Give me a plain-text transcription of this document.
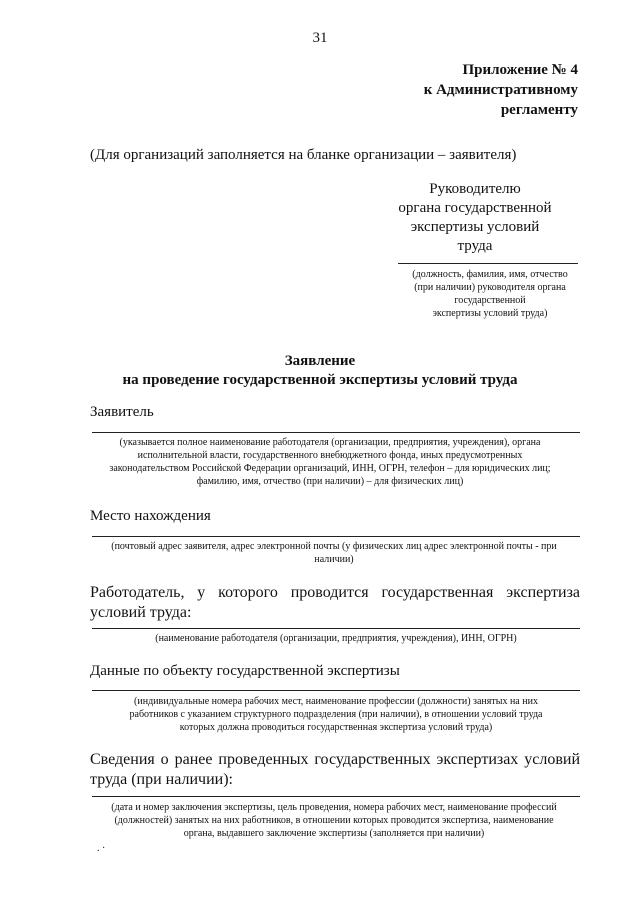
31
Приложение № 4
к Административному
регламенту
(Для организаций заполняется на бланке организации – заявителя)
Руководителю
органа государственной
экспертизы условий
труда
(должность, фамилия, имя, отчество
(при наличии) руководителя органа
государственной
экспертизы условий труда)
Заявление
на проведение государственной экспертизы условий труда
Заявитель
(указывается полное наименование работодателя (организации, предприятия, учреждения), органа
исполнительной власти, государственного внебюджетного фонда, иных предусмотренных
законодательством Российской Федерации организаций, ИНН, ОГРН, телефон – для юридических лиц;
фамилию, имя, отчество (при наличии) – для физических лиц)
Место нахождения
(почтовый адрес заявителя, адрес электронной почты (у физических лиц адрес электронной почты - при
наличии)
Работодатель, у которого проводится государственная экспертиза условий труда:
(наименование работодателя (организации, предприятия, учреждения), ИНН, ОГРН)
Данные по объекту государственной экспертизы
(индивидуальные номера рабочих мест, наименование профессии (должности) занятых на них
работников с указанием структурного подразделения (при наличии), в отношении условий труда
которых должна проводиться государственная экспертиза условий труда)
Сведения о ранее проведенных государственных экспертизах условий труда (при наличии):
(дата и номер заключения экспертизы, цель проведения, номера рабочих мест, наименование профессий
(должностей) занятых на них работников, в отношении которых проводится экспертиза, наименование
органа, выдавшего заключение экспертизы (заполняется при наличии)
. ·
